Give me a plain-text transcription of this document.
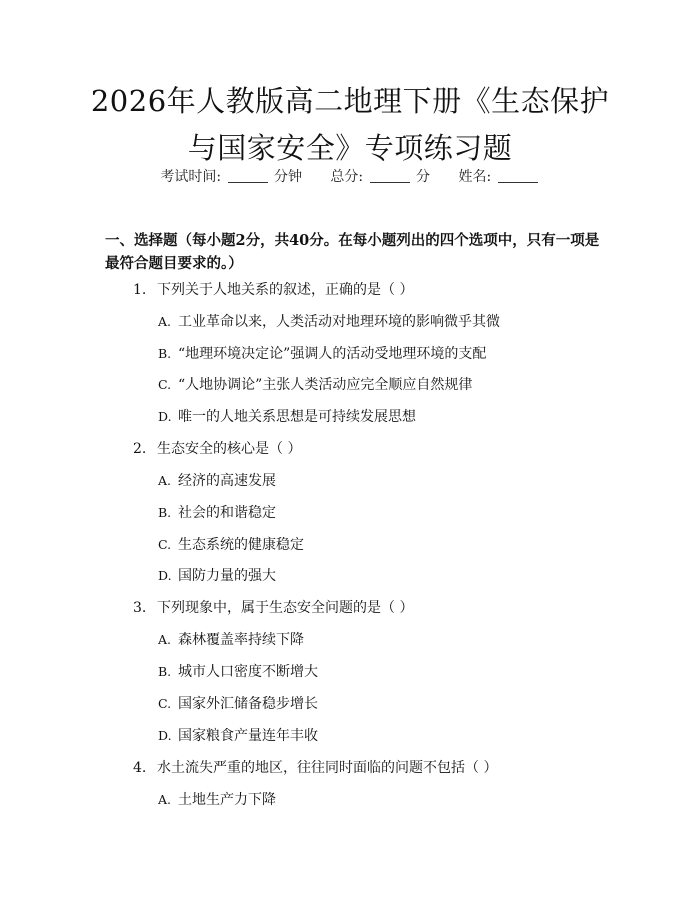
2026年人教版高二地理下册《生态保护与国家安全》专项练习题
考试时间:	分钟 总分:	分 姓名:

一、选择题（每小题2分，共40分。在每小题列出的四个选项中，只有一项是最符合题目要求的。）

1. 下列关于人地关系的叙述，正确的是（ ）
A. 工业革命以来，人类活动对地理环境的影响微乎其微
B. “地理环境决定论”强调人的活动受地理环境的支配
C. “人地协调论”主张人类活动应完全顺应自然规律
D. 唯一的人地关系思想是可持续发展思想
2. 生态安全的核心是（ ）
A. 经济的高速发展
B. 社会的和谐稳定
C. 生态系统的健康稳定
D. 国防力量的强大
3. 下列现象中，属于生态安全问题的是（ ）
A. 森林覆盖率持续下降
B. 城市人口密度不断增大
C. 国家外汇储备稳步增长
D. 国家粮食产量连年丰收
4. 水土流失严重的地区，往往同时面临的问题不包括（ ）
A. 土地生产力下降
